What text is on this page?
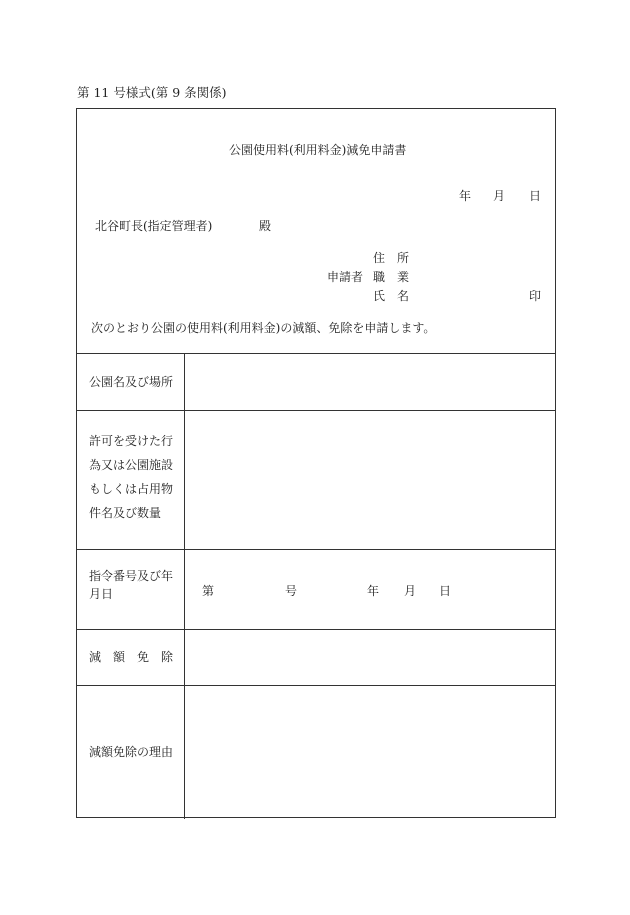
第 11 号様式(第 9 条関係)
公園使用料(利用料金)減免申請書
年 月 日
北谷町長(指定管理者)	殿
住　所
申請者 職　業
氏　名	印
次のとおり公園の使用料(利用料金)の減額、免除を申請します。
公園名及び場所
許可を受けた行
為又は公園施設
もしくは占用物
件名及び数量
指令番号及び年
月日	第	号	年 月 日
減　額　免　除
減額免除の理由
